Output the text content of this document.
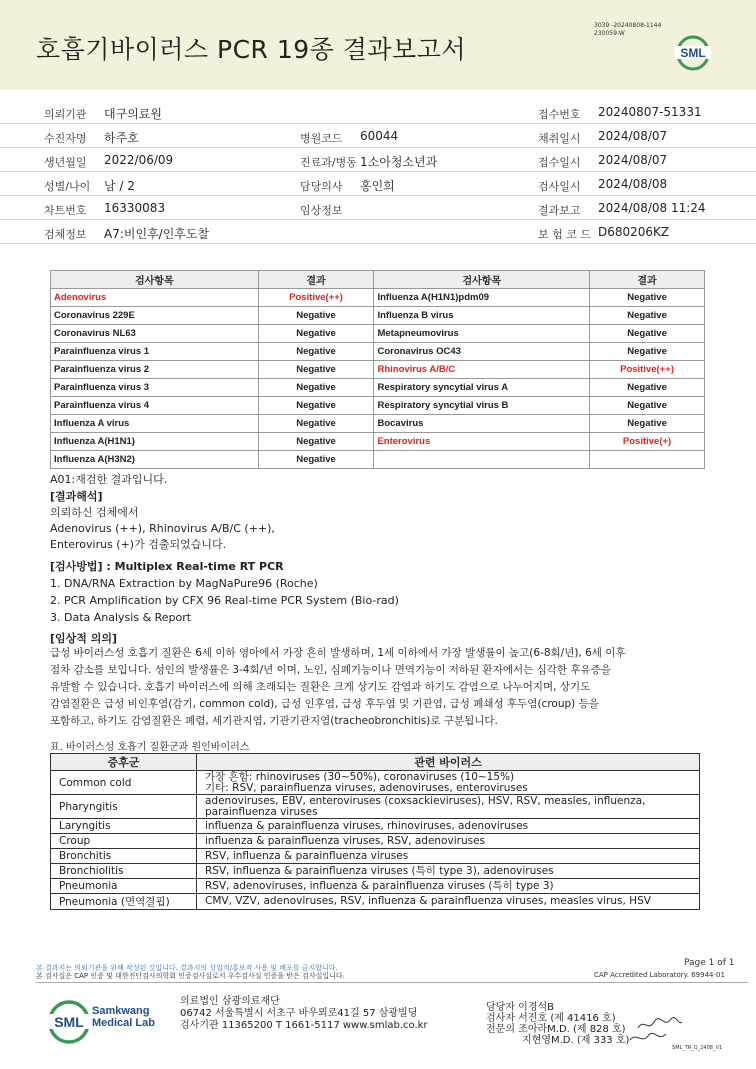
호흡기바이러스 PCR 19종 결과보고서
3039 -20240808-1144
230059-W
SML
의뢰기관 대구의료원	접수번호 20240807-51331
수진자명 하주호	병원코드 60044	채취일시 2024/08/07
생년월일 2022/06/09	진료과/병동 1소아청소년과	접수일시 2024/08/07
성별/나이 남 / 2	담당의사 홍인희	검사일시 2024/08/08
차트번호 16330083	임상정보	결과보고 2024/08/08 11:24
검체정보 A7:비인후/인후도찰	보 험 코 드 D680206KZ
검사항목	결과	검사항목	결과
Adenovirus	Positive(++)	Influenza A(H1N1)pdm09	Negative
Coronavirus 229E	Negative	Influenza B virus	Negative
Coronavirus NL63	Negative	Metapneumovirus	Negative
Parainfluenza virus 1	Negative	Coronavirus OC43	Negative
Parainfluenza virus 2	Negative	Rhinovirus A/B/C	Positive(++)
Parainfluenza virus 3	Negative	Respiratory syncytial virus A	Negative
Parainfluenza virus 4	Negative	Respiratory syncytial virus B	Negative
Influenza A virus	Negative	Bocavirus	Negative
Influenza A(H1N1)	Negative	Enterovirus	Positive(+)
Influenza A(H3N2)	Negative		
A01:재검한 결과입니다.
[결과해석]
의뢰하신 검체에서
Adenovirus (++), Rhinovirus A/B/C (++),
Enterovirus (+)가 검출되었습니다.
[검사방법] : Multiplex Real-time RT PCR
1. DNA/RNA Extraction by MagNaPure96 (Roche)
2. PCR Amplification by CFX 96 Real-time PCR System (Bio-rad)
3. Data Analysis & Report
[임상적 의의]
급성 바이러스성 호흡기 질환은 6세 이하 영아에서 가장 흔히 발생하며, 1세 이하에서 가장 발생률이 높고(6-8회/년), 6세 이후
점차 감소를 보입니다. 성인의 발생률은 3-4회/년 이며, 노인, 심폐기능이나 면역기능이 저하된 환자에서는 심각한 후유증을
유발할 수 있습니다. 호흡기 바이러스에 의해 초래되는 질환은 크게 상기도 감염과 하기도 감염으로 나누어지며, 상기도
감염질환은 급성 비인후염(감기, common cold), 급성 인후염, 급성 후두염 및 기관염, 급성 폐쇄성 후두염(croup) 등을
포함하고, 하기도 감염질환은 폐렴, 세기관지염, 기관기관지염(tracheobronchitis)로 구분됩니다.
표. 바이러스성 호흡기 질환군과 원인바이러스
증후군	관련 바이러스
Common cold	가장 흔함: rhinoviruses (30~50%), coronaviruses (10~15%)
기타: RSV, parainfluenza viruses, adenoviruses, enteroviruses

Pharyngitis	adenoviruses, EBV, enteroviruses (coxsackieviruses), HSV, RSV, measles, influenza,
parainfluenza viruses

Laryngitis	influenza & parainfluenza viruses, rhinoviruses, adenoviruses

Croup	influenza & parainfluenza viruses, RSV, adenoviruses

Bronchitis	RSV, influenza & parainfluenza viruses

Bronchiolitis	RSV, influenza & parainfluenza viruses (특히 type 3), adenoviruses

Pneumonia	RSV, adenoviruses, influenza & parainfluenza viruses (특히 type 3)

Pneumonia (면역결핍)	CMV, VZV, adenoviruses, RSV, influenza & parainfluenza viruses, measles virus, HSV
본 결과지는 의뢰기관을 위해 작성된 것입니다. 결과지의 상업적/홍보적 사용 및 배포를 금지합니다.
본 검사실은 CAP 인증 및 대한진단검사의학회 인증검사실로서 우수검사실 인증을 받은 검사실입니다.
Page 1 of 1
CAP Accredited Laboratory. 69944-01
SML
Samkwang
Medical Lab
의료법인 삼광의료재단
06742 서울특별시 서초구 바우뫼로41길 57 삼광빌딩
검사기관 11365200 T 1661-5117 www.smlab.co.kr
담당자 이경석B
검사자 서진호 (제 41416 호)
전문의 조아라M.D. (제 828 호)
지현영M.D. (제 333 호)
SML_TR_Q_2408_V1
